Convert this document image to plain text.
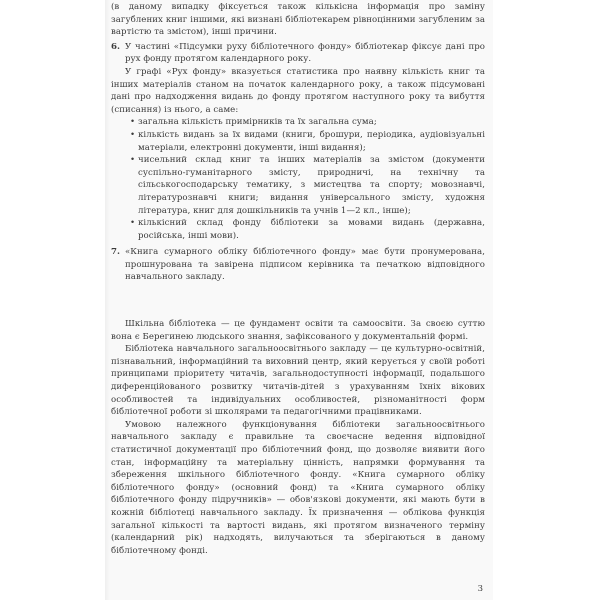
(в даному випадку фіксується також кількісна інформація про заміну загублених книг іншими, які визнані бібліотекарем рівноцінними загубленим за вартістю та змістом), інші причини.

6. У частині «Підсумки руху бібліотечного фонду» бібліотекар фіксує дані про рух фонду протягом календарного року.

У графі «Рух фонду» вказується статистика про наявну кількість книг та інших матеріалів станом на початок календарного року, а також підсумовані дані про надходження видань до фонду протягом наступного року та вибуття (списання) із нього, а саме:

• загальна кількість примірників та їх загальна сума;
• кількість видань за їх видами (книги, брошури, періодика, аудіовізуальні матеріали, електронні документи, інші видання);
• чисельний склад книг та інших матеріалів за змістом (документи суспільно-гуманітарного змісту, природничі, на технічну та сільськогосподарську тематику, з мистецтва та спорту; мовознавчі, літературознавчі книги; видання універсального змісту, художня література, книг для дошкільників та учнів 1—2 кл., інше);
• кількісний склад фонду бібліотеки за мовами видань (державна, російська, інші мови).
7. «Книга сумарного обліку бібліотечного фонду» має бути пронумерована, прошнурована та завірена підписом керівника та печаткою відповідного навчального закладу.

Шкільна бібліотека — це фундамент освіти та самоосвіти. За своєю суттю вона є Берегинею людського знання, зафіксованого у документальній формі.

Бібліотека навчального загальноосвітнього закладу — це культурно-освітній, пізнавальний, інформаційний та виховний центр, який керується у своїй роботі принципами пріоритету читачів, загальнодоступності інформації, подальшого диференційованого розвитку читачів-дітей з урахуванням їхніх вікових особливостей та індивідуальних особливостей, різноманітності форм бібліотечної роботи зі школярами та педагогічними працівниками.

Умовою належного функціонування бібліотеки загальноосвітнього навчального закладу є правильне та своєчасне ведення відповідної статистичної документації про бібліотечний фонд, що дозволяє виявити його стан, інформаційну та матеріальну цінність, напрямки формування та збереження шкільного бібліотечного фонду. «Книга сумарного обліку бібліотечного фонду» (основний фонд) та «Книга сумарного обліку бібліотечного фонду підручників» — обов'язкові документи, які мають бути в кожній бібліотеці навчального закладу. Їх призначення — облікова функція загальної кількості та вартості видань, які протягом визначеного терміну (календарний рік) надходять, вилучаються та зберігаються в даному бібліотечному фонді.

3
